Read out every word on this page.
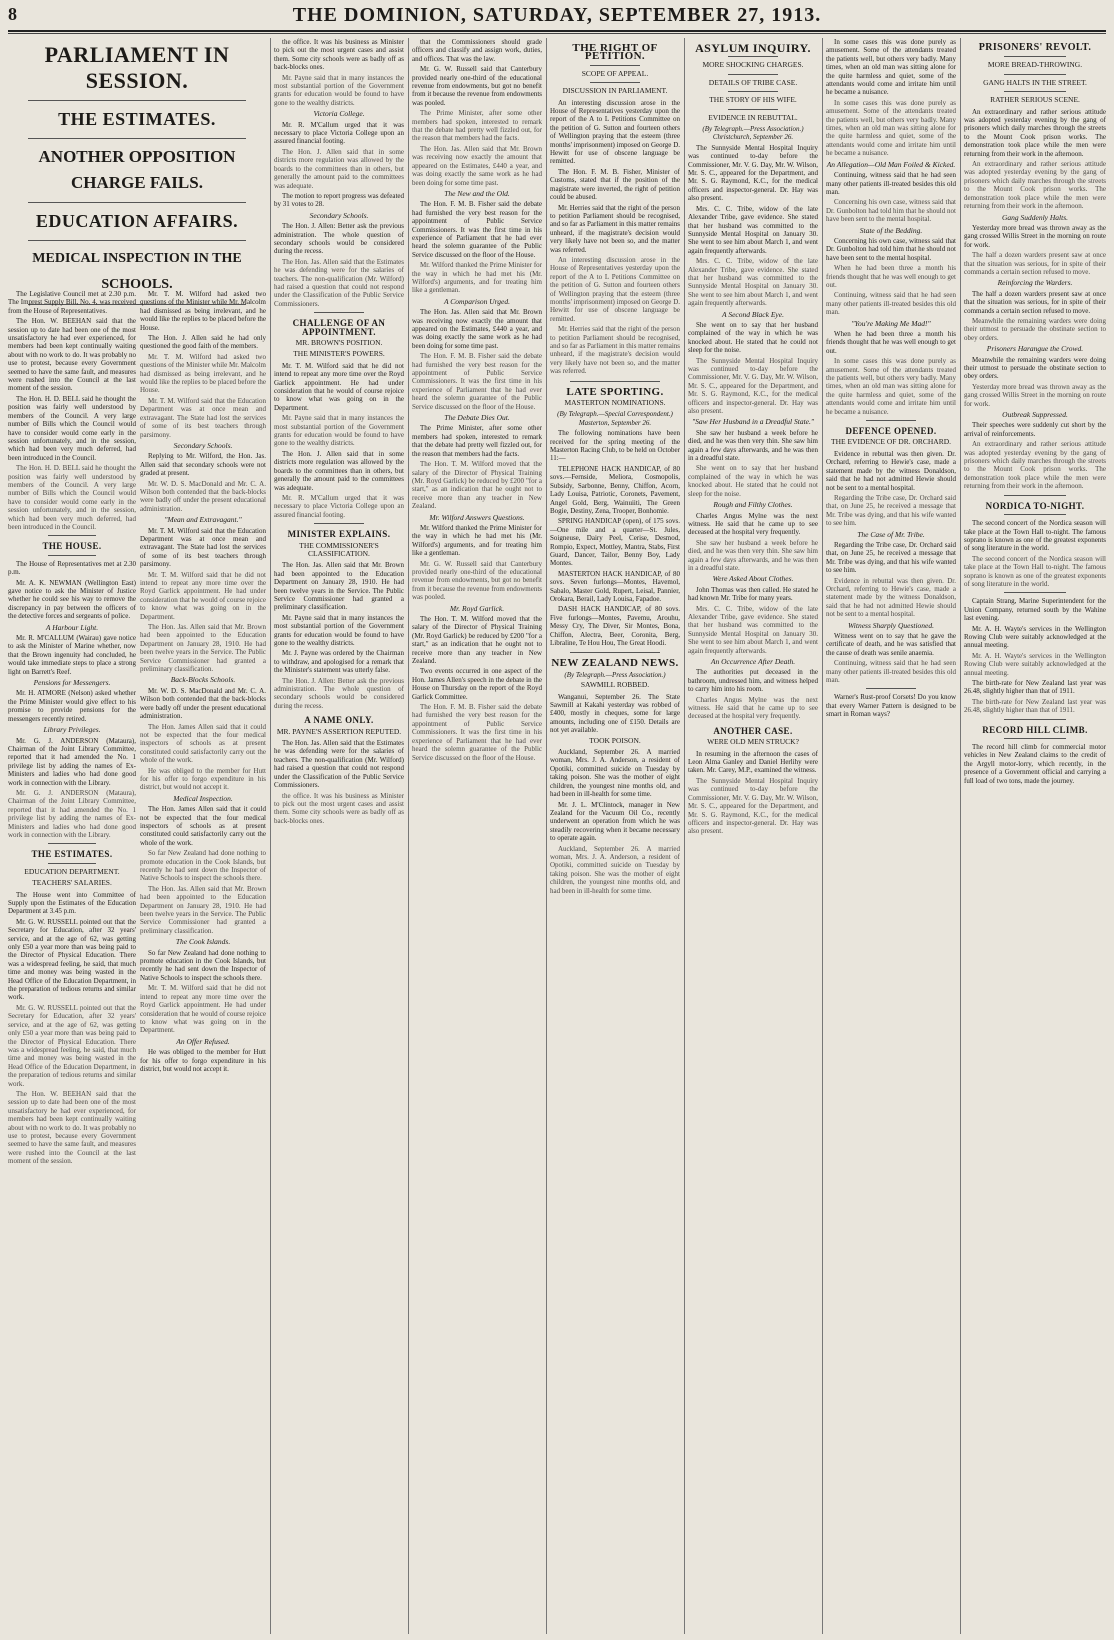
8	THE DOMINION, SATURDAY, SEPTEMBER 27, 1913.
PARLIAMENT IN SESSION.
THE ESTIMATES.
ANOTHER OPPOSITION CHARGE FAILS.
EDUCATION AFFAIRS.
MEDICAL INSPECTION IN THE SCHOOLS.

The Legislative Council met at 2.30 p.m. The Imprest Supply Bill, No. 4, was received from the House of Representatives.

The Hon. W. BEEHAN said that the session up to date had been one of the most unsatisfactory he had ever experienced, for members had been kept continually waiting about with no work to do. It was probably no use to protest, because every Government seemed to have the same fault, and measures were rushed into the Council at the last moment of the session.

The Hon. H. D. BELL said he thought the position was fairly well understood by members of the Council. A very large number of Bills which the Council would have to consider would come early in the session unfortunately, and in the session, which had been very much deferred, had been introduced in the Council.

The Hon. H. D. BELL said he thought the position was fairly well understood by members of the Council. A very large number of Bills which the Council would have to consider would come early in the session unfortunately, and in the session, which had been very much deferred, had been introduced in the Council.

THE HOUSE.

The House of Representatives met at 2.30 p.m.

Mr. A. K. NEWMAN (Wellington East) gave notice to ask the Minister of Justice whether he could see his way to remove the discrepancy in pay between the officers of the detective forces and sergeants of police.

A Harbour Light.

Mr. R. M'CALLUM (Wairau) gave notice to ask the Minister of Marine whether, now that the Brown ingenuity had concluded, he would take immediate steps to place a strong light on Barrett's Reef.

Pensions for Messengers.

Mr. H. ATMORE (Nelson) asked whether the Prime Minister would give effect to his promise to provide pensions for the messengers recently retired.

Library Privileges.

Mr. G. J. ANDERSON (Mataura), Chairman of the Joint Library Committee, reported that it had amended the No. 1 privilege list by adding the names of Ex-Ministers and ladies who had done good work in connection with the Library.

Mr. G. J. ANDERSON (Mataura), Chairman of the Joint Library Committee, reported that it had amended the No. 1 privilege list by adding the names of Ex-Ministers and ladies who had done good work in connection with the Library.

THE ESTIMATES.
EDUCATION DEPARTMENT.
TEACHERS' SALARIES.

The House went into Committee of Supply upon the Estimates of the Education Department at 3.45 p.m.

Mr. G. W. RUSSELL pointed out that the Secretary for Education, after 32 years' service, and at the age of 62, was getting only £50 a year more than was being paid to the Director of Physical Education. There was a widespread feeling, he said, that much time and money was being wasted in the Head Office of the Education Department, in the preparation of tedious returns and similar work.

Mr. G. W. RUSSELL pointed out that the Secretary for Education, after 32 years' service, and at the age of 62, was getting only £50 a year more than was being paid to the Director of Physical Education. There was a widespread feeling, he said, that much time and money was being wasted in the Head Office of the Education Department, in the preparation of tedious returns and similar work.

The Hon. W. BEEHAN said that the session up to date had been one of the most unsatisfactory he had ever experienced, for members had been kept continually waiting about with no work to do. It was probably no use to protest, because every Government seemed to have the same fault, and measures were rushed into the Council at the last moment of the session.

Mr. T. M. Wilford had asked two questions of the Minister while Mr. Malcolm had dismissed as being irrelevant, and he would like the replies to be placed before the House.

The Hon. J. Allen said he had only questioned the good faith of the members.

Mr. T. M. Wilford had asked two questions of the Minister while Mr. Malcolm had dismissed as being irrelevant, and he would like the replies to be placed before the House.

Mr. T. M. Wilford said that the Education Department was at once mean and extravagant. The State had lost the services of some of its best teachers through parsimony.

Secondary Schools.

Replying to Mr. Wilford, the Hon. Jas. Allen said that secondary schools were not graded at present.

Mr. W. D. S. MacDonald and Mr. C. A. Wilson both contended that the back-blocks were badly off under the present educational administration.

"Mean and Extravagant."

Mr. T. M. Wilford said that the Education Department was at once mean and extravagant. The State had lost the services of some of its best teachers through parsimony.

Mr. T. M. Wilford said that he did not intend to repeat any more time over the Royd Garlick appointment. He had under consideration that he would of course rejoice to know what was going on in the Department.

The Hon. Jas. Allen said that Mr. Brown had been appointed to the Education Department on January 28, 1910. He had been twelve years in the Service. The Public Service Commissioner had granted a preliminary classification.

Back-Blocks Schools.

Mr. W. D. S. MacDonald and Mr. C. A. Wilson both contended that the back-blocks were badly off under the present educational administration.

The Hon. James Allen said that it could not be expected that the four medical inspectors of schools as at present constituted could satisfactorily carry out the whole of the work.

He was obliged to the member for Hutt for his offer to forgo expenditure in his district, but would not accept it.

Medical Inspection.

The Hon. James Allen said that it could not be expected that the four medical inspectors of schools as at present constituted could satisfactorily carry out the whole of the work.

So far New Zealand had done nothing to promote education in the Cook Islands, but recently he had sent down the Inspector of Native Schools to inspect the schools there.

The Hon. Jas. Allen said that Mr. Brown had been appointed to the Education Department on January 28, 1910. He had been twelve years in the Service. The Public Service Commissioner had granted a preliminary classification.

The Cook Islands.

So far New Zealand had done nothing to promote education in the Cook Islands, but recently he had sent down the Inspector of Native Schools to inspect the schools there.

Mr. T. M. Wilford said that he did not intend to repeat any more time over the Royd Garlick appointment. He had under consideration that he would of course rejoice to know what was going on in the Department.

An Offer Refused.

He was obliged to the member for Hutt for his offer to forgo expenditure in his district, but would not accept it.

the office. It was his business as Minister to pick out the most urgent cases and assist them. Some city schools were as badly off as back-blocks ones.

Mr. Payne said that in many instances the most substantial portion of the Government grants for education would be found to have gone to the wealthy districts.

Victoria College.

Mr. R. M'Callum urged that it was necessary to place Victoria College upon an assured financial footing.

The Hon. J. Allen said that in some districts more regulation was allowed by the boards to the committees than in others, but generally the amount paid to the committees was adequate.

The motion to report progress was defeated by 31 votes to 28.

Secondary Schools.

The Hon. J. Allen: Better ask the previous administration. The whole question of secondary schools would be considered during the recess.

The Hon. Jas. Allen said that the Estimates he was defending were for the salaries of teachers. The non-qualification (Mr. Wilford) had raised a question that could not respond under the Classification of the Public Service Commissioners.

CHALLENGE OF AN APPOINTMENT.
MR. BROWN'S POSITION.
THE MINISTER'S POWERS.

Mr. T. M. Wilford said that he did not intend to repeat any more time over the Royd Garlick appointment. He had under consideration that he would of course rejoice to know what was going on in the Department.

Mr. Payne said that in many instances the most substantial portion of the Government grants for education would be found to have gone to the wealthy districts.

The Hon. J. Allen said that in some districts more regulation was allowed by the boards to the committees than in others, but generally the amount paid to the committees was adequate.

Mr. R. M'Callum urged that it was necessary to place Victoria College upon an assured financial footing.

MINISTER EXPLAINS.
THE COMMISSIONER'S CLASSIFICATION.

The Hon. Jas. Allen said that Mr. Brown had been appointed to the Education Department on January 28, 1910. He had been twelve years in the Service. The Public Service Commissioner had granted a preliminary classification.

Mr. Payne said that in many instances the most substantial portion of the Government grants for education would be found to have gone to the wealthy districts.

Mr. J. Payne was ordered by the Chairman to withdraw, and apologised for a remark that the Minister's statement was utterly false.

The Hon. J. Allen: Better ask the previous administration. The whole question of secondary schools would be considered during the recess.

A NAME ONLY.
MR. PAYNE'S ASSERTION REPUTED.

The Hon. Jas. Allen said that the Estimates he was defending were for the salaries of teachers. The non-qualification (Mr. Wilford) had raised a question that could not respond under the Classification of the Public Service Commissioners.

the office. It was his business as Minister to pick out the most urgent cases and assist them. Some city schools were as badly off as back-blocks ones.

that the Commissioners should grade officers and classify and assign work, duties, and offices. That was the law.

Mr. G. W. Russell said that Canterbury provided nearly one-third of the educational revenue from endowments, but got no benefit from it because the revenue from endowments was pooled.

The Prime Minister, after some other members had spoken, interested to remark that the debate had pretty well fizzled out, for the reason that members had the facts.

The Hon. Jas. Allen said that Mr. Brown was receiving now exactly the amount that appeared on the Estimates, £440 a year, and was doing exactly the same work as he had been doing for some time past.

The New and the Old.

The Hon. F. M. B. Fisher said the debate had furnished the very best reason for the appointment of Public Service Commissioners. It was the first time in his experience of Parliament that he had ever heard the solemn guarantee of the Public Service discussed on the floor of the House.

Mr. Wilford thanked the Prime Minister for the way in which he had met his (Mr. Wilford's) arguments, and for treating him like a gentleman.

A Comparison Urged.

The Hon. Jas. Allen said that Mr. Brown was receiving now exactly the amount that appeared on the Estimates, £440 a year, and was doing exactly the same work as he had been doing for some time past.

The Hon. F. M. B. Fisher said the debate had furnished the very best reason for the appointment of Public Service Commissioners. It was the first time in his experience of Parliament that he had ever heard the solemn guarantee of the Public Service discussed on the floor of the House.

The Debate Dies Out.

The Prime Minister, after some other members had spoken, interested to remark that the debate had pretty well fizzled out, for the reason that members had the facts.

The Hon. T. M. Wilford moved that the salary of the Director of Physical Training (Mr. Royd Garlick) be reduced by £200 "for a start," as an indication that he ought not to receive more than any teacher in New Zealand.

Mr. Wilford Answers Questions.

Mr. Wilford thanked the Prime Minister for the way in which he had met his (Mr. Wilford's) arguments, and for treating him like a gentleman.

Mr. G. W. Russell said that Canterbury provided nearly one-third of the educational revenue from endowments, but got no benefit from it because the revenue from endowments was pooled.

Mr. Royd Garlick.

The Hon. T. M. Wilford moved that the salary of the Director of Physical Training (Mr. Royd Garlick) be reduced by £200 "for a start," as an indication that he ought not to receive more than any teacher in New Zealand.

Two events occurred in one aspect of the Hon. James Allen's speech in the debate in the House on Thursday on the report of the Royd Garlick Committee.

The Hon. F. M. B. Fisher said the debate had furnished the very best reason for the appointment of Public Service Commissioners. It was the first time in his experience of Parliament that he had ever heard the solemn guarantee of the Public Service discussed on the floor of the House.

THE RIGHT OF PETITION.
SCOPE OF APPEAL.
DISCUSSION IN PARLIAMENT.

An interesting discussion arose in the House of Representatives yesterday upon the report of the A to L Petitions Committee on the petition of G. Sutton and fourteen others of Wellington praying that the esteem (three months' imprisonment) imposed on George D. Hewitt for use of obscene language be remitted.

The Hon. F. M. B. Fisher, Minister of Customs, stated that if the position of the magistrate were inverted, the right of petition could be abused.

Mr. Herries said that the right of the person to petition Parliament should be recognised, and so far as Parliament in this matter remains unheard, if the magistrate's decision would very likely have not been so, and the matter was referred.

An interesting discussion arose in the House of Representatives yesterday upon the report of the A to L Petitions Committee on the petition of G. Sutton and fourteen others of Wellington praying that the esteem (three months' imprisonment) imposed on George D. Hewitt for use of obscene language be remitted.

Mr. Herries said that the right of the person to petition Parliament should be recognised, and so far as Parliament in this matter remains unheard, if the magistrate's decision would very likely have not been so, and the matter was referred.

LATE SPORTING.
MASTERTON NOMINATIONS.
(By Telegraph.—Special Correspondent.) Masterton, September 26.

The following nominations have been received for the spring meeting of the Masterton Racing Club, to be held on October 11:—

TELEPHONE HACK HANDICAP, of 80 sovs.—Fernside, Meliora, Cosmopolis, Subsidy, Sarbonne, Benny, Chiffon, Acorn, Lady Louisa, Patriotic, Coronets, Pavement, Angel Gold, Berg, Wainuiiti, The Green Bogie, Destiny, Zena, Trooper, Bonhomie.

SPRING HANDICAP (open), of 175 sovs.—One mile and a quarter—St. Jules, Soigneuse, Dairy Peel, Cerise, Desmod, Rompio, Expect, Mottley, Mantra, Stabs, First Guard, Dancer, Tailor, Benny Boy, Lady Montes.

MASTERTON HACK HANDICAP, of 80 sovs. Seven furlongs—Montes, Havemol, Sabalo, Master Gold, Rupert, Leisal, Pannier, Orokara, Berail, Lady Louisa, Fapadoe.

DASH HACK HANDICAP, of 80 sovs. Five furlongs—Montes, Pavemu, Arouhu, Messy Cry, The Diver, Sir Montes, Bona, Chiffon, Alectra, Beer, Coronita, Berg, Libraline, Te Hou Hou, The Great Hoodi.

NEW ZEALAND NEWS.
(By Telegraph.—Press Association.)
SAWMILL ROBBED.

Wanganui, September 26. The State Sawmill at Kakahi yesterday was robbed of £400, mostly in cheques, some for large amounts, including one of £150. Details are not yet available.

TOOK POISON.

Auckland, September 26. A married woman, Mrs. J. A. Anderson, a resident of Opotiki, committed suicide on Tuesday by taking poison. She was the mother of eight children, the youngest nine months old, and had been in ill-health for some time.

Mr. J. L. M'Clintock, manager in New Zealand for the Vacuum Oil Co., recently underwent an operation from which he was steadily recovering when it became necessary to operate again.

Auckland, September 26. A married woman, Mrs. J. A. Anderson, a resident of Opotiki, committed suicide on Tuesday by taking poison. She was the mother of eight children, the youngest nine months old, and had been in ill-health for some time.

ASYLUM INQUIRY.
MORE SHOCKING CHARGES.
DETAILS OF TRIBE CASE.
THE STORY OF HIS WIFE.
EVIDENCE IN REBUTTAL.
(By Telegraph.—Press Association.) Christchurch, September 26.

The Sunnyside Mental Hospital Inquiry was continued to-day before the Commissioner, Mr. V. G. Day, Mr. W. Wilson, Mr. S. C., appeared for the Department, and Mr. S. G. Raymond, K.C., for the medical officers and inspector-general. Dr. Hay was also present.

Mrs. C. C. Tribe, widow of the late Alexander Tribe, gave evidence. She stated that her husband was committed to the Sunnyside Mental Hospital on January 30. She went to see him about March 1, and went again frequently afterwards.

Mrs. C. C. Tribe, widow of the late Alexander Tribe, gave evidence. She stated that her husband was committed to the Sunnyside Mental Hospital on January 30. She went to see him about March 1, and went again frequently afterwards.

A Second Black Eye.

She went on to say that her husband complained of the way in which he was knocked about. He stated that he could not sleep for the noise.

The Sunnyside Mental Hospital Inquiry was continued to-day before the Commissioner, Mr. V. G. Day, Mr. W. Wilson, Mr. S. C., appeared for the Department, and Mr. S. G. Raymond, K.C., for the medical officers and inspector-general. Dr. Hay was also present.

"Saw Her Husband in a Dreadful State."

She saw her husband a week before he died, and he was then very thin. She saw him again a few days afterwards, and he was then in a dreadful state.

She went on to say that her husband complained of the way in which he was knocked about. He stated that he could not sleep for the noise.

Rough and Filthy Clothes.

Charles Angus Mylne was the next witness. He said that he came up to see deceased at the hospital very frequently.

She saw her husband a week before he died, and he was then very thin. She saw him again a few days afterwards, and he was then in a dreadful state.

Were Asked About Clothes.

John Thomas was then called. He stated he had known Mr. Tribe for many years.

Mrs. C. C. Tribe, widow of the late Alexander Tribe, gave evidence. She stated that her husband was committed to the Sunnyside Mental Hospital on January 30. She went to see him about March 1, and went again frequently afterwards.

An Occurrence After Death.

The authorities put deceased in the bathroom, undressed him, and witness helped to carry him into his room.

Charles Angus Mylne was the next witness. He said that he came up to see deceased at the hospital very frequently.

ANOTHER CASE.
WERE OLD MEN STRUCK?

In resuming in the afternoon the cases of Leon Alma Ganley and Daniel Herlihy were taken. Mr. Carey, M.P., examined the witness.

The Sunnyside Mental Hospital Inquiry was continued to-day before the Commissioner, Mr. V. G. Day, Mr. W. Wilson, Mr. S. C., appeared for the Department, and Mr. S. G. Raymond, K.C., for the medical officers and inspector-general. Dr. Hay was also present.

In some cases this was done purely as amusement. Some of the attendants treated the patients well, but others very badly. Many times, when an old man was sitting alone for the quite harmless and quiet, some of the attendants would come and irritate him until he became a nuisance.

In some cases this was done purely as amusement. Some of the attendants treated the patients well, but others very badly. Many times, when an old man was sitting alone for the quite harmless and quiet, some of the attendants would come and irritate him until he became a nuisance.

An Allegation—Old Man Foiled & Kicked.

Continuing, witness said that he had seen many other patients ill-treated besides this old man.

Concerning his own case, witness said that Dr. Gunbolton had told him that he should not have been sent to the mental hospital.

State of the Bedding.

Concerning his own case, witness said that Dr. Gunbolton had told him that he should not have been sent to the mental hospital.

When he had been three a month his friends thought that he was well enough to get out.

Continuing, witness said that he had seen many other patients ill-treated besides this old man.

"You're Making Me Mad!"

When he had been three a month his friends thought that he was well enough to get out.

In some cases this was done purely as amusement. Some of the attendants treated the patients well, but others very badly. Many times, when an old man was sitting alone for the quite harmless and quiet, some of the attendants would come and irritate him until he became a nuisance.

DEFENCE OPENED.
THE EVIDENCE OF DR. ORCHARD.

Evidence in rebuttal was then given. Dr. Orchard, referring to Hewie's case, made a statement made by the witness Donaldson, said that he had not admitted Hewie should not be sent to a mental hospital.

Regarding the Tribe case, Dr. Orchard said that, on June 25, he received a message that Mr. Tribe was dying, and that his wife wanted to see him.

The Case of Mr. Tribe.

Regarding the Tribe case, Dr. Orchard said that, on June 25, he received a message that Mr. Tribe was dying, and that his wife wanted to see him.

Evidence in rebuttal was then given. Dr. Orchard, referring to Hewie's case, made a statement made by the witness Donaldson, said that he had not admitted Hewie should not be sent to a mental hospital.

Witness Sharply Questioned.

Witness went on to say that he gave the certificate of death, and he was satisfied that the cause of death was senile anaemia.

Continuing, witness said that he had seen many other patients ill-treated besides this old man.

Warner's Rust-proof Corsets! Do you know that every Warner Pattern is designed to be smart in Roman ways?

PRISONERS' REVOLT.
MORE BREAD-THROWING.
GANG HALTS IN THE STREET.
RATHER SERIOUS SCENE.

An extraordinary and rather serious attitude was adopted yesterday evening by the gang of prisoners which daily marches through the streets to the Mount Cook prison works. The demonstration took place while the men were returning from their work in the afternoon.

An extraordinary and rather serious attitude was adopted yesterday evening by the gang of prisoners which daily marches through the streets to the Mount Cook prison works. The demonstration took place while the men were returning from their work in the afternoon.

Gang Suddenly Halts.

Yesterday more bread was thrown away as the gang crossed Willis Street in the morning on route for work.

The half a dozen warders present saw at once that the situation was serious, for in spite of their commands a certain section refused to move.

Reinforcing the Warders.

The half a dozen warders present saw at once that the situation was serious, for in spite of their commands a certain section refused to move.

Meanwhile the remaining warders were doing their utmost to persuade the obstinate section to obey orders.

Prisoners Harangue the Crowd.

Meanwhile the remaining warders were doing their utmost to persuade the obstinate section to obey orders.

Yesterday more bread was thrown away as the gang crossed Willis Street in the morning on route for work.

Outbreak Suppressed.

Their speeches were suddenly cut short by the arrival of reinforcements.

An extraordinary and rather serious attitude was adopted yesterday evening by the gang of prisoners which daily marches through the streets to the Mount Cook prison works. The demonstration took place while the men were returning from their work in the afternoon.

NORDICA TO-NIGHT.

The second concert of the Nordica season will take place at the Town Hall to-night. The famous soprano is known as one of the greatest exponents of song literature in the world.

The second concert of the Nordica season will take place at the Town Hall to-night. The famous soprano is known as one of the greatest exponents of song literature in the world.

Captain Strang, Marine Superintendent for the Union Company, returned south by the Wahine last evening.

Mr. A. H. Wayte's services in the Wellington Rowing Club were suitably acknowledged at the annual meeting.

Mr. A. H. Wayte's services in the Wellington Rowing Club were suitably acknowledged at the annual meeting.

The birth-rate for New Zealand last year was 26.48, slightly higher than that of 1911.

The birth-rate for New Zealand last year was 26.48, slightly higher than that of 1911.

RECORD HILL CLIMB.

The record hill climb for commercial motor vehicles in New Zealand claims to the credit of the Argyll motor-lorry, which recently, in the presence of a Government official and carrying a full load of two tons, made the journey.
